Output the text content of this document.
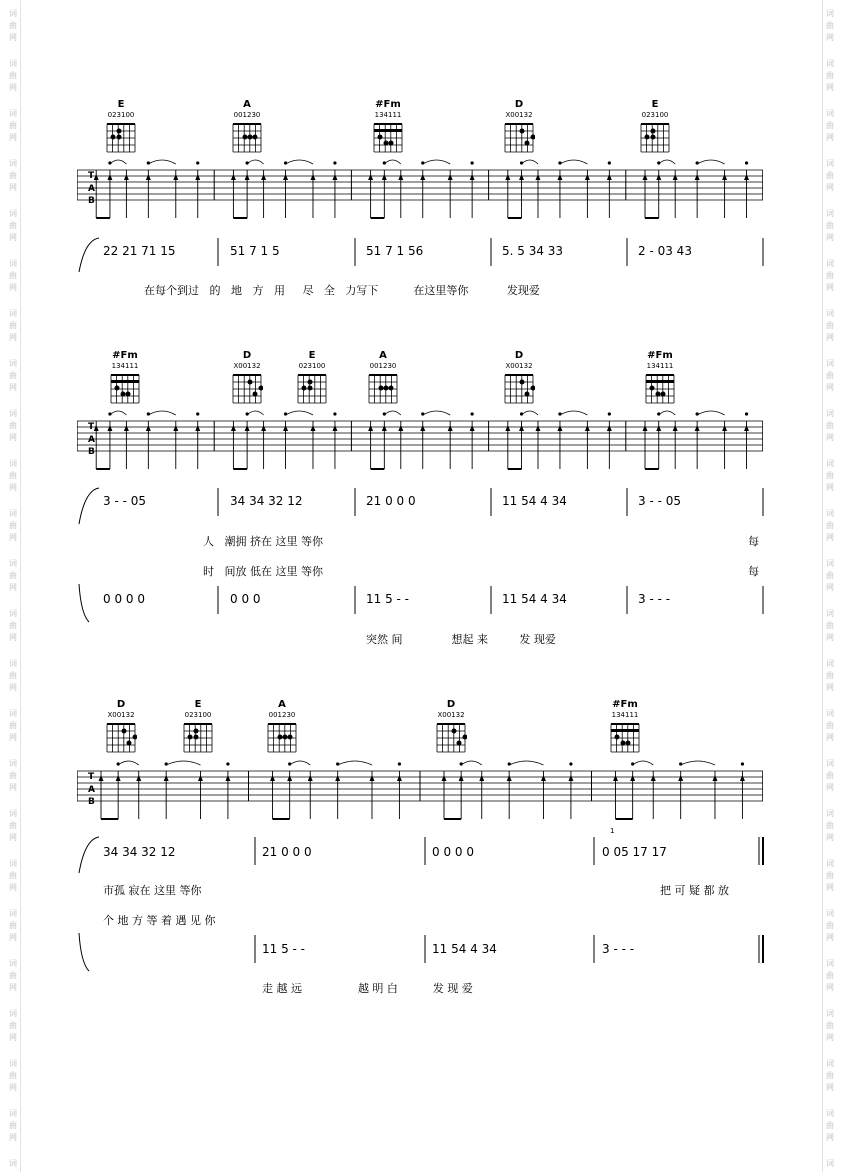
词
曲
网
词
曲
网
词
曲
网
词
曲
网
词
曲
网
词
曲
网
词
曲
网
词
曲
网
词
曲
网
词
曲
网
词
曲
网
词
曲
网
词
曲
网
词
曲
网
词
曲
网
词
曲
网
词
曲
网
词
曲
网
词
曲
网
词
曲
网
词
曲
网
词
曲
网
词
曲
网
词
词
曲
网
词
曲
网
词
曲
网
词
曲
网
词
曲
网
词
曲
网
词
曲
网
词
曲
网
词
曲
网
词
曲
网
词
曲
网
词
曲
网
词
曲
网
词
曲
网
词
曲
网
词
曲
网
词
曲
网
词
曲
网
词
曲
网
词
曲
网
词
曲
网
词
曲
网
词
曲
网
词
E
023100
A
001230
#Fm
134111
D
X00132
E
023100
T
A
B
22 21 71 15	51 7 1 5	51 7 1 56	5. 5 34 33	2 - 03 43
在每个到过   的   地   方   用     尽   全   力写下          在这里等你           发现爱
#Fm
134111
D
X00132
E
023100
A
001230
D
X00132
#Fm
134111
T
A
B
3 - - 05	34 34 32 12	21 0 0 0	11 54 4 34	3 - - 05
人   潮拥 挤在 这里 等你	每
时   间放 低在 这里 等你	每
0 0 0 0	0 0 0	11 5 - -	11 54 4 34	3 - - -
突然 间              想起 来         发 现爱
D
X00132
E
023100
A
001230
D
X00132
#Fm
134111
T
A
B
1
34 34 32 12	21 0 0 0	0 0 0 0	0 05 17 17
市孤 寂在 这里 等你	把 可 疑 都 放
个 地 方 等 着 遇 见 你
11 5 - -	11 54 4 34	3 - - -
走 越 远                越 明 白          发 现 爱
